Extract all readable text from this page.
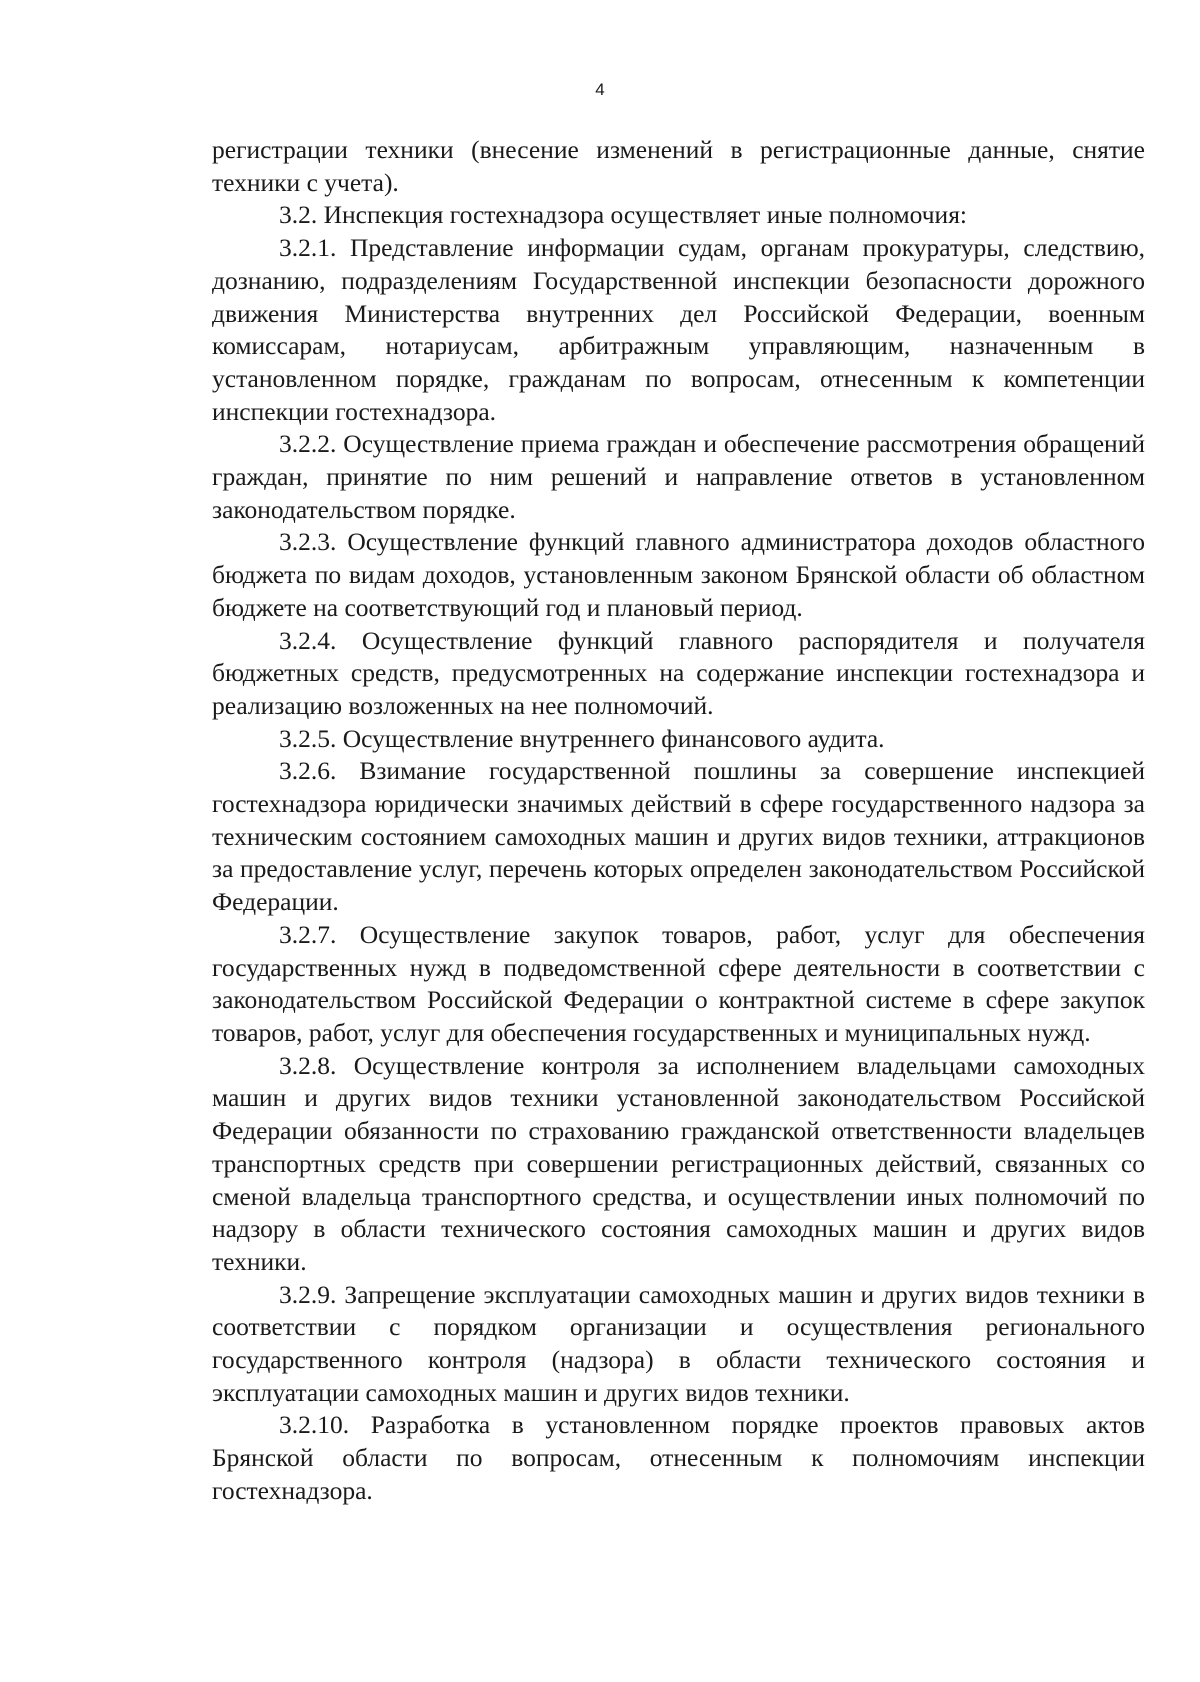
4

регистрации техники (внесение изменений в регистрационные данные, снятие техники с учета).

3.2. Инспекция гостехнадзора осуществляет иные полномочия:

3.2.1. Представление информации судам, органам прокуратуры, следствию, дознанию, подразделениям Государственной инспекции безопасности дорожного движения Министерства внутренних дел Российской Федерации, военным комиссарам, нотариусам, арбитражным управляющим, назначенным в установленном порядке, гражданам по вопросам, отнесенным к компетенции инспекции гостехнадзора.

3.2.2. Осуществление приема граждан и обеспечение рассмотрения обращений граждан, принятие по ним решений и направление ответов в установленном законодательством порядке.

3.2.3. Осуществление функций главного администратора доходов областного бюджета по видам доходов, установленным законом Брянской области об областном бюджете на соответствующий год и плановый период.

3.2.4. Осуществление функций главного распорядителя и получателя бюджетных средств, предусмотренных на содержание инспекции гостехнадзора и реализацию возложенных на нее полномочий.

3.2.5. Осуществление внутреннего финансового аудита.

3.2.6. Взимание государственной пошлины за совершение инспекцией гостехнадзора юридически значимых действий в сфере государственного надзора за техническим состоянием самоходных машин и других видов техники, аттракционов за предоставление услуг, перечень которых определен законодательством Российской Федерации.

3.2.7. Осуществление закупок товаров, работ, услуг для обеспечения государственных нужд в подведомственной сфере деятельности в соответствии с законодательством Российской Федерации о контрактной системе в сфере закупок товаров, работ, услуг для обеспечения государственных и муниципальных нужд.

3.2.8. Осуществление контроля за исполнением владельцами самоходных машин и других видов техники установленной законодательством Российской Федерации обязанности по страхованию гражданской ответственности владельцев транспортных средств при совершении регистрационных действий, связанных со сменой владельца транспортного средства, и осуществлении иных полномочий по надзору в области технического состояния самоходных машин и других видов техники.

3.2.9. Запрещение эксплуатации самоходных машин и других видов техники в соответствии с порядком организации и осуществления регионального государственного контроля (надзора) в области технического состояния и эксплуатации самоходных машин и других видов техники.

3.2.10. Разработка в установленном порядке проектов правовых актов Брянской области по вопросам, отнесенным к полномочиям инспекции гостехнадзора.
